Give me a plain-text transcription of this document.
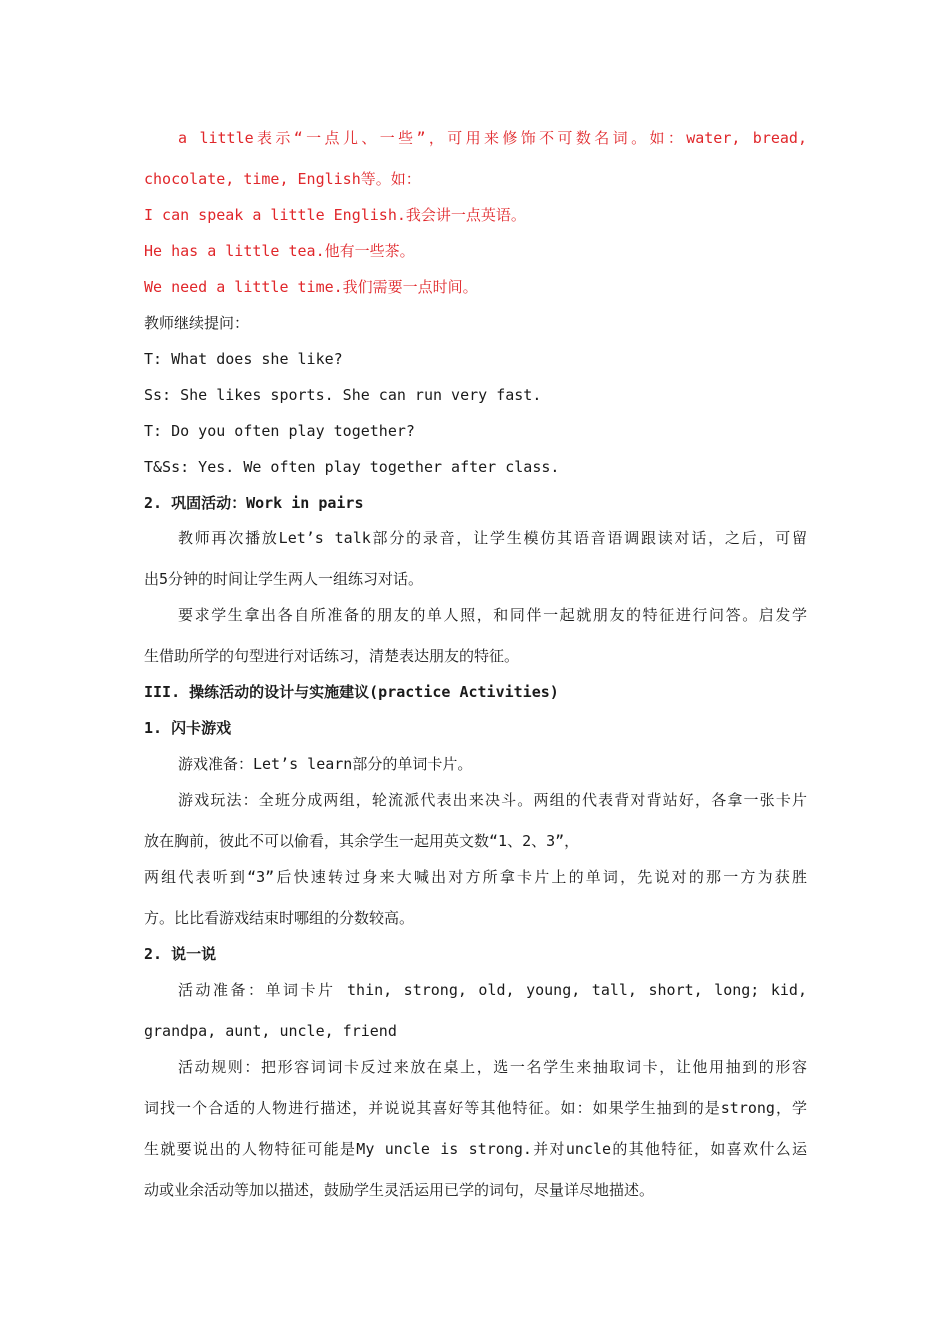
a little表示“一点儿、一些”，可用来修饰不可数名词。如：water, bread,
chocolate, time, English等。如：
I can speak a little English.我会讲一点英语。
He has a little tea.他有一些茶。
We need a little time.我们需要一点时间。
教师继续提问：
T: What does she like?
Ss: She likes sports. She can run very fast.
T: Do you often play together?
T&Ss: Yes. We often play together after class.
2. 巩固活动：Work in pairs
教师再次播放Let’s talk部分的录音，让学生模仿其语音语调跟读对话，之后，可留
出5分钟的时间让学生两人一组练习对话。
要求学生拿出各自所准备的朋友的单人照，和同伴一起就朋友的特征进行问答。启发学
生借助所学的句型进行对话练习，清楚表达朋友的特征。
III. 操练活动的设计与实施建议(practice Activities)
1. 闪卡游戏
游戏准备：Let’s learn部分的单词卡片。
游戏玩法：全班分成两组，轮流派代表出来决斗。两组的代表背对背站好，各拿一张卡片
放在胸前，彼此不可以偷看，其余学生一起用英文数“1、2、3”，
两组代表听到“3”后快速转过身来大喊出对方所拿卡片上的单词，先说对的那一方为获胜
方。比比看游戏结束时哪组的分数较高。
2. 说一说
活动准备：单词卡片 thin, strong, old, young, tall, short, long; kid,
grandpa, aunt, uncle, friend
活动规则：把形容词词卡反过来放在桌上，选一名学生来抽取词卡，让他用抽到的形容
词找一个合适的人物进行描述，并说说其喜好等其他特征。如：如果学生抽到的是strong，学
生就要说出的人物特征可能是My uncle is strong.并对uncle的其他特征，如喜欢什么运
动或业余活动等加以描述，鼓励学生灵活运用已学的词句，尽量详尽地描述。
